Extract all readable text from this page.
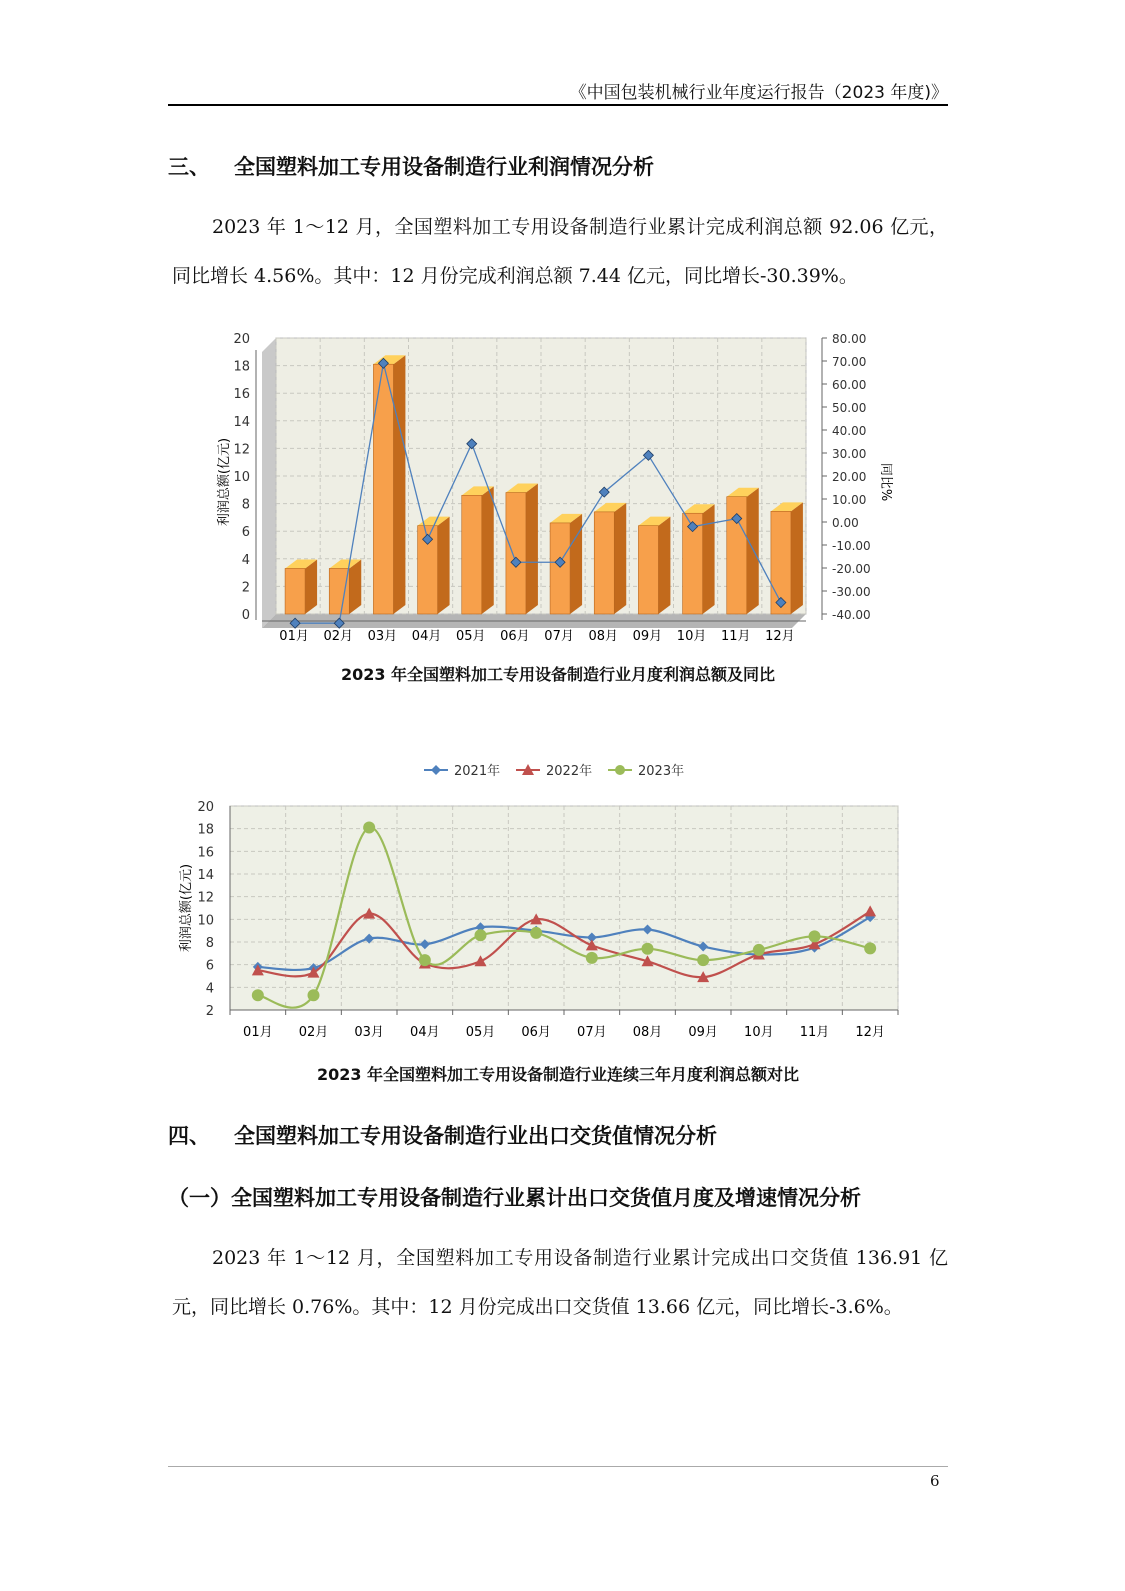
《中国包装机械行业年度运行报告（2023 年度)》
三、 全国塑料加工专用设备制造行业利润情况分析
2023 年 1～12 月，全国塑料加工专用设备制造行业累计完成利润总额 92.06 亿元，同比增长 4.56%。其中：12 月份完成利润总额 7.44 亿元，同比增长-30.39%。
0
2
4
6
8
10
12
14
16
18
20
-40.00
-30.00
-20.00
-10.00
0.00
10.00
20.00
30.00
40.00
50.00
60.00
70.00
80.00
利润总额(亿元)	同比%
01月 02月 03月 04月 05月 06月 07月 08月 09月 10月 11月 12月
2023 年全国塑料加工专用设备制造行业月度利润总额及同比
2021年	2022年	2023年
2
4
6
8
10
12
14
16
18
20
利润总额(亿元)
01月 02月 03月 04月 05月 06月 07月 08月 09月 10月 11月 12月
2023 年全国塑料加工专用设备制造行业连续三年月度利润总额对比
四、 全国塑料加工专用设备制造行业出口交货值情况分析
（一）全国塑料加工专用设备制造行业累计出口交货值月度及增速情况分析
2023 年 1～12 月，全国塑料加工专用设备制造行业累计完成出口交货值 136.91 亿元，同比增长 0.76%。其中：12 月份完成出口交货值 13.66 亿元，同比增长-3.6%。
6
